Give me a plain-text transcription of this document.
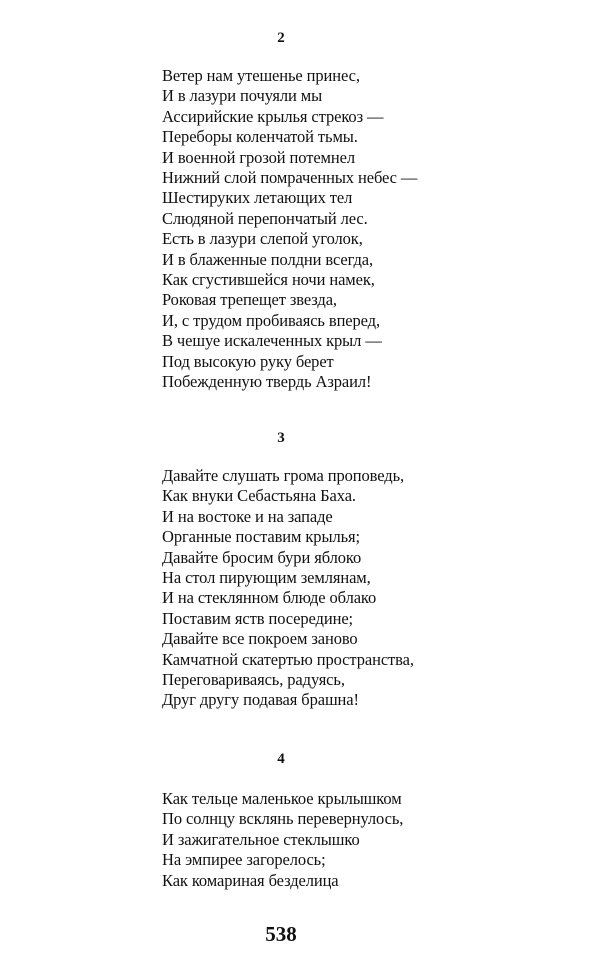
2
Ветер нам утешенье принес,
И в лазури почуяли мы
Ассирийские крылья стрекоз —
Переборы коленчатой тьмы.
И военной грозой потемнел
Нижний слой помраченных небес —
Шестируких летающих тел
Слюдяной перепончатый лес.
Есть в лазури слепой уголок,
И в блаженные полдни всегда,
Как сгустившейся ночи намек,
Роковая трепещет звезда,
И, с трудом пробиваясь вперед,
В чешуе искалеченных крыл —
Под высокую руку берет
Побежденную твердь Азраил!
3
Давайте слушать грома проповедь,
Как внуки Себастьяна Баха.
И на востоке и на западе
Органные поставим крылья;
Давайте бросим бури яблоко
На стол пирующим землянам,
И на стеклянном блюде облако
Поставим яств посередине;
Давайте все покроем заново
Камчатной скатертью пространства,
Переговариваясь, радуясь,
Друг другу подавая брашна!
4
Как тельце маленькое крылышком
По солнцу всклянь перевернулось,
И зажигательное стеклышко
На эмпирее загорелось;
Как комариная безделица
538
